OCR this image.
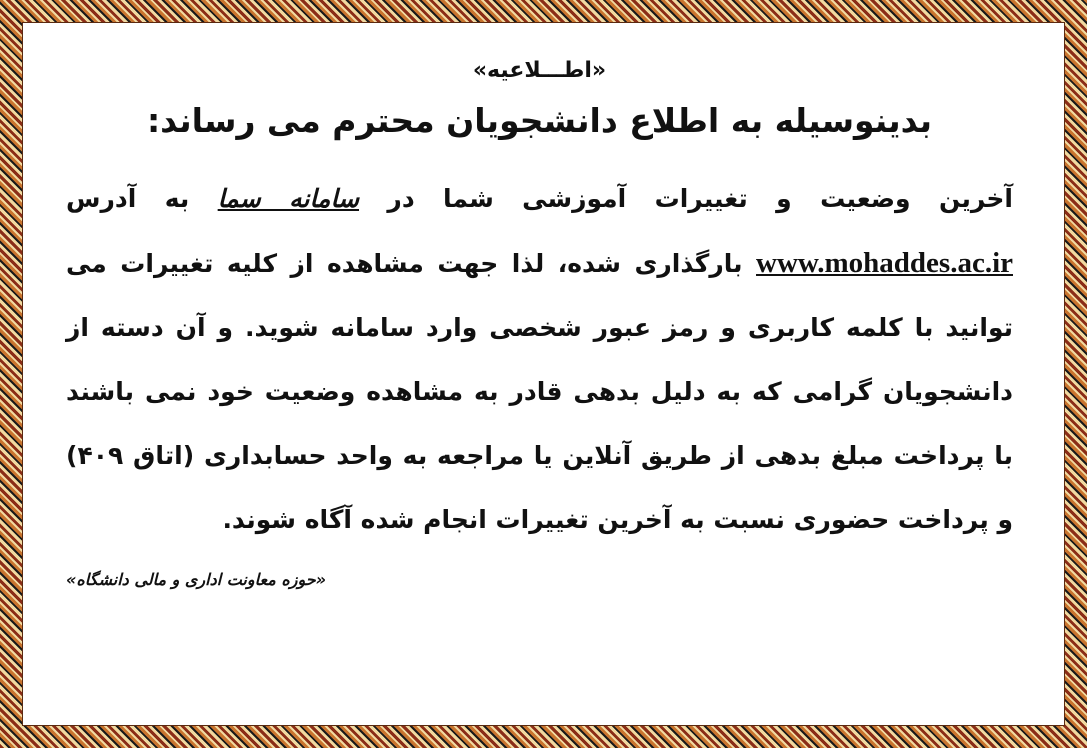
«اطـــلاعیه»
بدینوسیله به اطلاع دانشجویان محترم می رساند:

آخرین وضعیت و تغییرات آموزشی شما در سامانه سما به آدرس www.mohaddes.ac.ir بارگذاری شده، لذا جهت مشاهده از کلیه تغییرات می توانید با کلمه کاربری و رمز عبور شخصی وارد سامانه شوید. و آن دسته از دانشجویان گرامی که به دلیل بدهی قادر به مشاهده وضعیت خود نمی باشند با پرداخت مبلغ بدهی از طریق آنلاین یا مراجعه به واحد حسابداری (اتاق ۴۰۹) و پرداخت حضوری نسبت به آخرین تغییرات انجام شده آگاه شوند.

«حوزه معاونت اداری و مالی دانشگاه»
